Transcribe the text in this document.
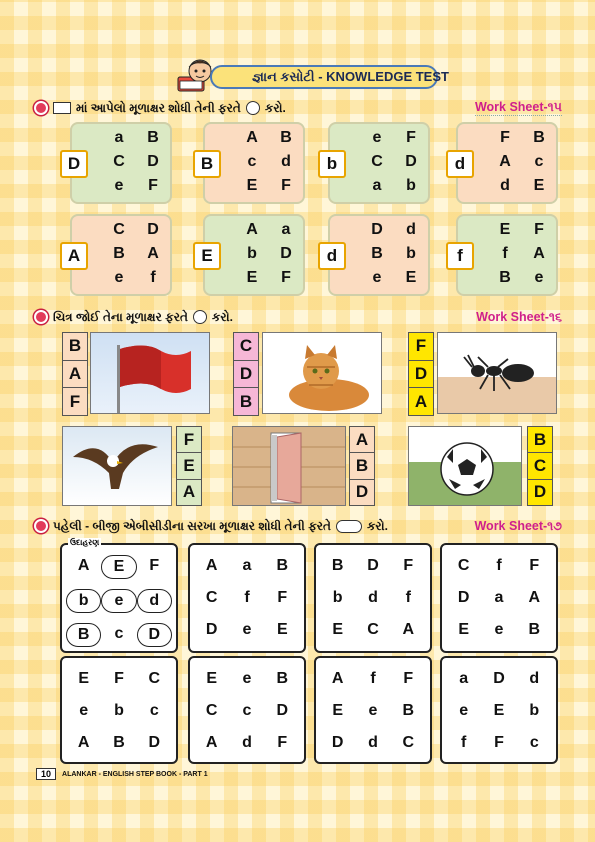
જ્ઞાન કસોટી - KNOWLEDGE TEST
માં આપેલો મૂળાક્ષર શોધી તેની ફરતે કરો.	Work Sheet-૧૫
D
a	B
C	D
e	F
B
A	B
c	d
E	F
b
e	F
C	D
a	b
d
F	B
A	c
d	E
A
C	D
B	A
e	f
E
A	a
b	D
E	F
d
D	d
B	b
e	E
f
E	F
f	A
B	e
ચિત્ર જોઈ તેના મૂળાક્ષર ફરતે કરો.	Work Sheet-૧૬
B
A
F
C
D
B
F
D
A
F
E
A
A
B
D
B
C
D
પહેલી - બીજી એબીસીડીના સરખા મૂળાક્ષર શોધી તેની ફરતે	કરો.	Work Sheet-૧૭
ઉદાહરણ
A	E	F
b	e	d
B	c	D
A	a	B
C	f	F
D	e	E
B	D	F
b	d	f
E	C	A
C	f	F
D	a	A
E	e	B
E	F	C
e	b	c
A	B	D
E	e	B
C	c	D
A	d	F
A	f	F
E	e	B
D	d	C
a	D	d
e	E	b
f	F	c
10	ALANKAR - ENGLISH STEP BOOK - PART 1
